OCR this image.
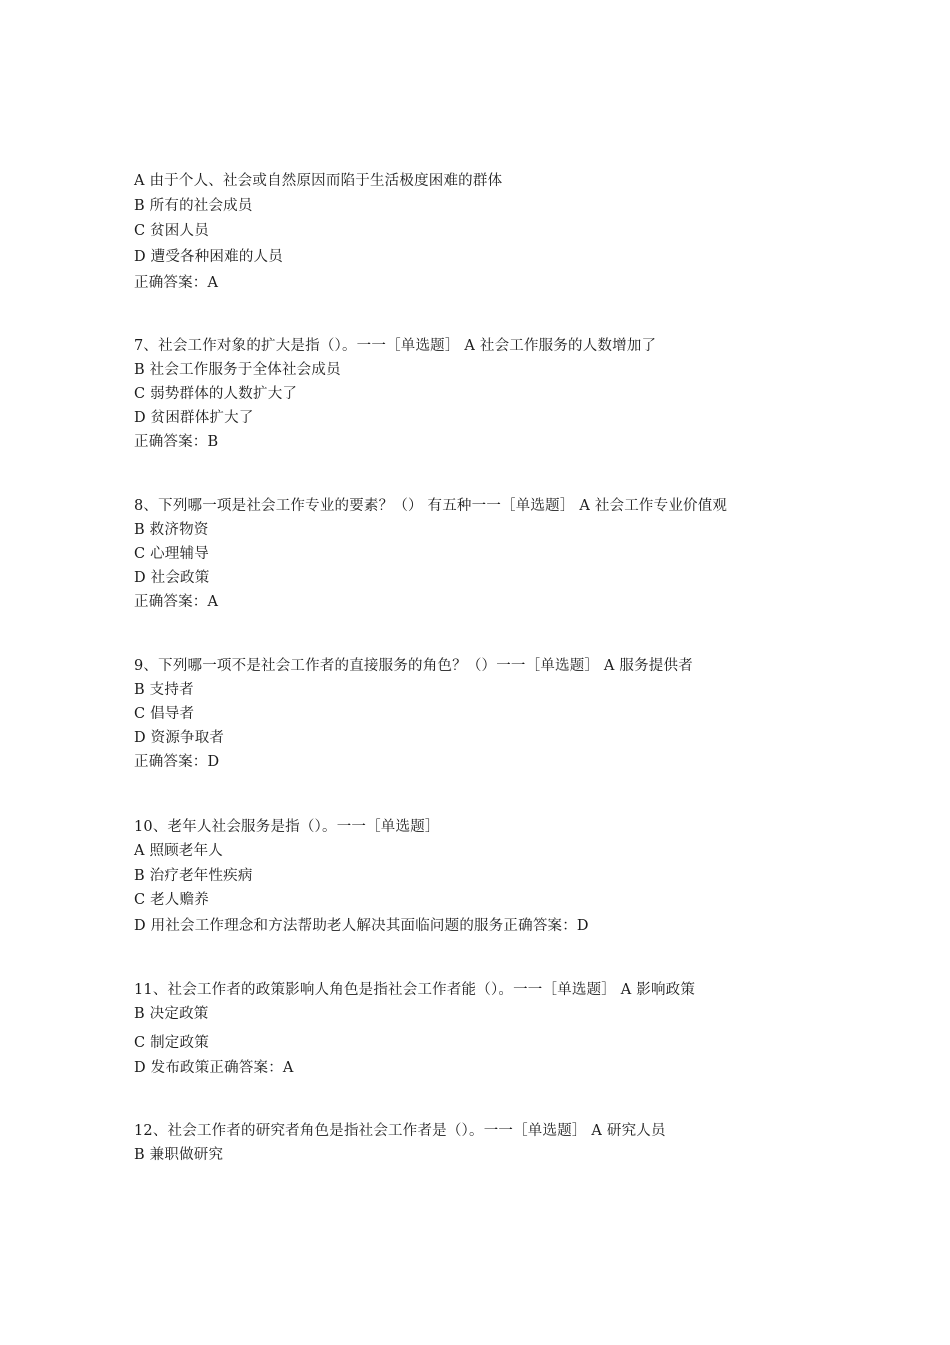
A 由于个人、社会或自然原因而陷于生活极度困难的群体
B 所有的社会成员
C 贫困人员
D 遭受各种困难的人员
正确答案：A
7、社会工作对象的扩大是指（）。一一［单选题］ A 社会工作服务的人数增加了
B 社会工作服务于全体社会成员
C 弱势群体的人数扩大了
D 贫困群体扩大了
正确答案：B
8、下列哪一项是社会工作专业的要素？（） 有五种一一［单选题］ A 社会工作专业价值观
B 救济物资
C 心理辅导
D 社会政策
正确答案：A
9、下列哪一项不是社会工作者的直接服务的角色？（）一一［单选题］ A 服务提供者
B 支持者
C 倡导者
D 资源争取者
正确答案：D
10、老年人社会服务是指（）。一一［单选题］
A 照顾老年人
B 治疗老年性疾病
C 老人赡养
D 用社会工作理念和方法帮助老人解决其面临问题的服务正确答案：D
11、社会工作者的政策影响人角色是指社会工作者能（）。一一［单选题］ A 影响政策
B 决定政策
C 制定政策
D 发布政策正确答案：A
12、社会工作者的研究者角色是指社会工作者是（）。一一［单选题］ A 研究人员
B 兼职做研究
